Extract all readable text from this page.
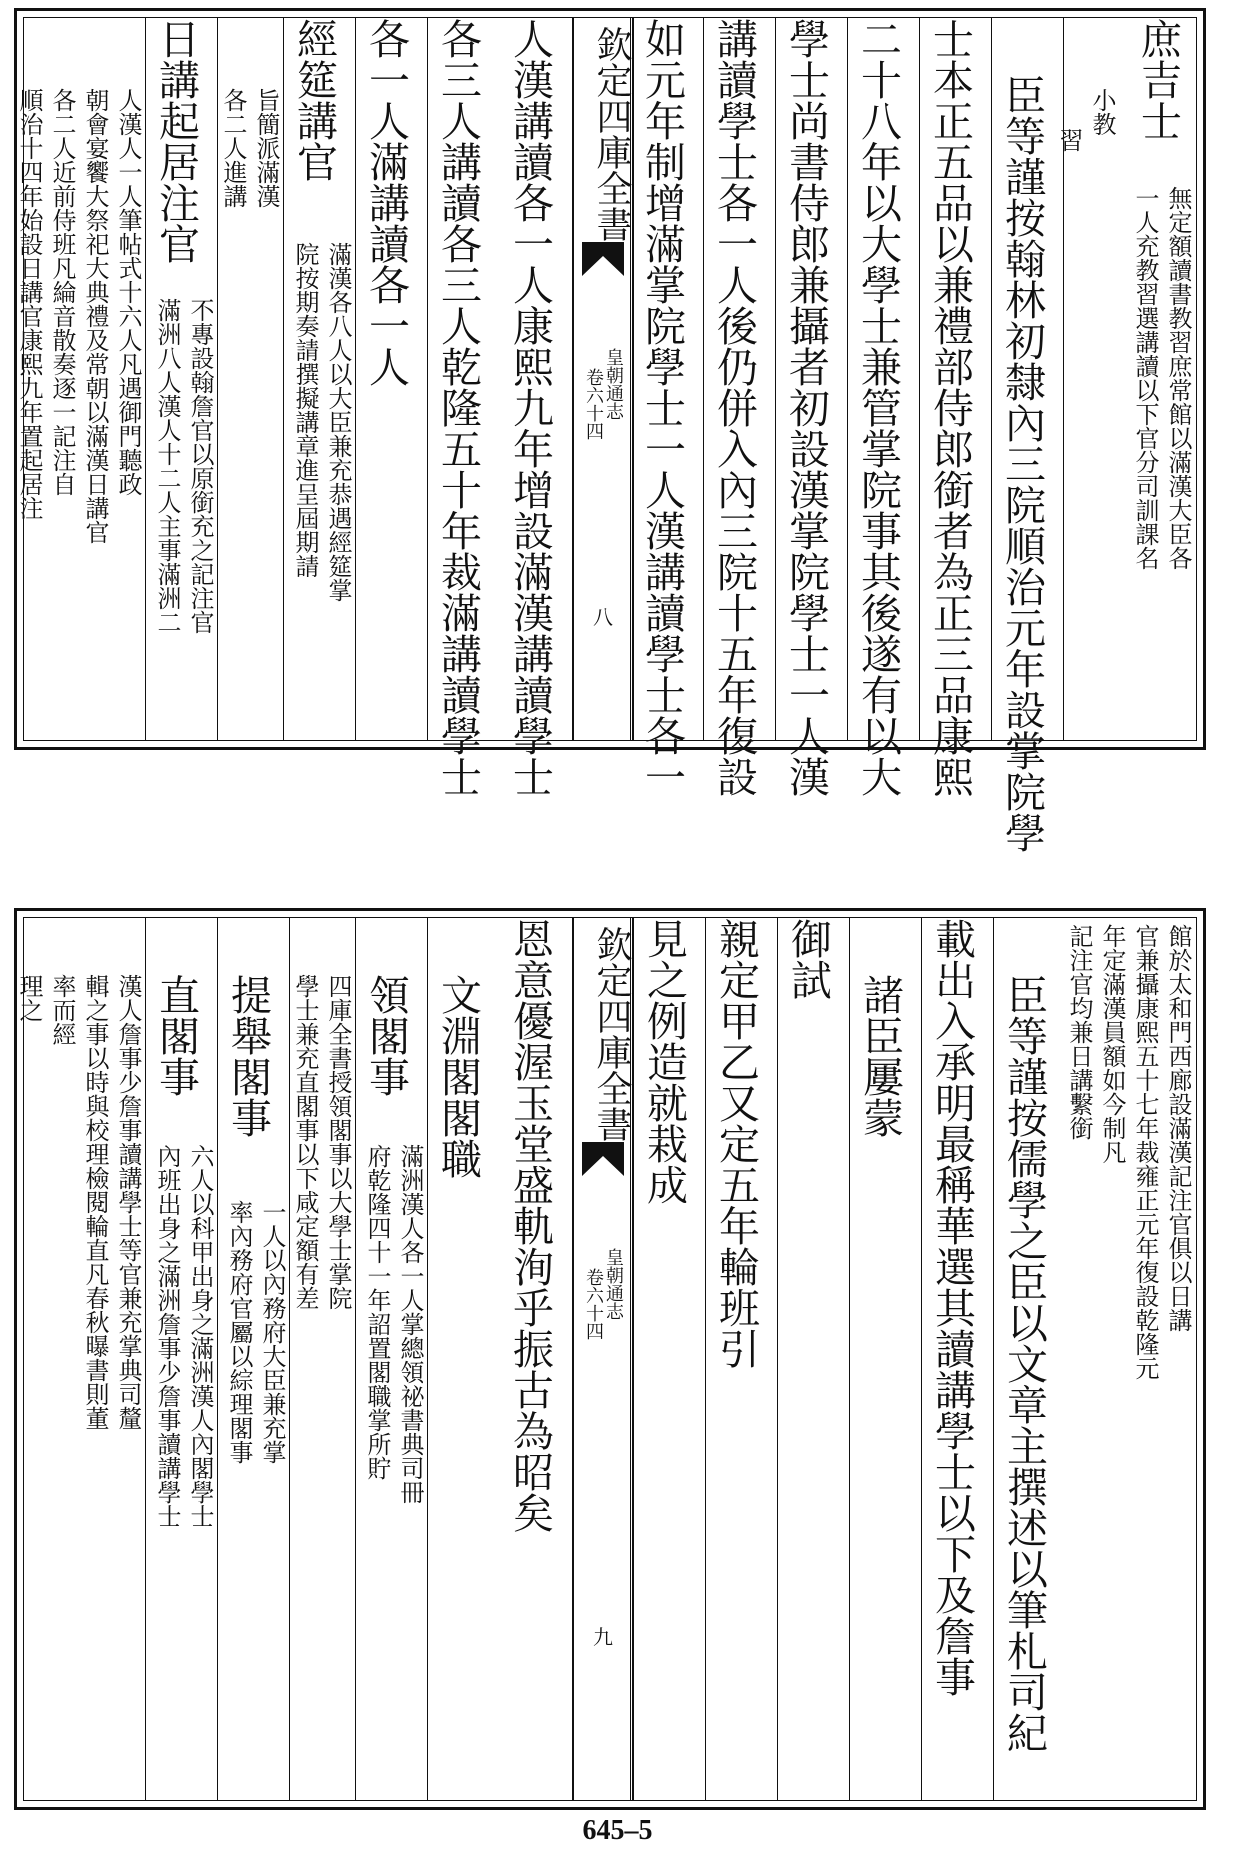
庶吉士
無定額讀書教習庶常館以滿漢大臣各
一人充教習選講讀以下官分司訓課名
小教
習
臣等謹按翰林初隸內三院順治元年設掌院學
士本正五品以兼禮部侍郎銜者為正三品康熙
二十八年以大學士兼管掌院事其後遂有以大
學士尚書侍郎兼攝者初設漢掌院學士一人漢
講讀學士各一人後仍併入內三院十五年復設
如元年制增滿掌院學士一人漢講讀學士各一
欽定四庫全書
皇朝通志
卷六十四
八
人漢講讀各一人康熙九年增設滿漢講讀學士
各三人講讀各三人乾隆五十年裁滿講讀學士
各一人滿講讀各一人
經筵講官
滿漢各八人以大臣兼充恭遇經筵掌
院按期奏請撰擬講章進呈屆期請
旨簡派滿漢
各二人進講
日講起居注官
不專設翰詹官以原銜充之記注官
滿洲八人漢人十二人主事滿洲二
人漢人一人筆帖式十六人凡遇御門聽政
朝會宴饗大祭祀大典禮及常朝以滿漢日講官
各二人近前侍班凡綸音散奏逐一記注自
順治十四年始設日講官康熙九年置起居注
館於太和門西廊設滿漢記注官俱以日講
官兼攝康熙五十七年裁雍正元年復設乾隆元
年定滿漢員額如今制凡
記注官均兼日講繫銜
臣等謹按儒學之臣以文章主撰述以筆札司紀
載出入承明最稱華選其讀講學士以下及詹事
諸臣屢蒙
御試
親定甲乙又定五年輪班引
見之例造就栽成
欽定四庫全書
皇朝通志
卷六十四
九
恩意優渥玉堂盛軌洵乎振古為昭矣
文淵閣閣職
領閣事
滿洲漢人各一人掌總領祕書典司冊
府乾隆四十一年詔置閣職掌所貯
四庫全書授領閣事以大學士掌院
學士兼充直閣事以下咸定額有差
提舉閣事
一人以內務府大臣兼充掌
率內務府官屬以綜理閣事
直閣事
六人以科甲出身之滿洲漢人內閣學士
內班出身之滿洲詹事少詹事讀講學士
漢人詹事少詹事讀講學士等官兼充掌典司釐
輯之事以時與校理檢閱輪直凡春秋曝書則董
率而經
理之
645–5
